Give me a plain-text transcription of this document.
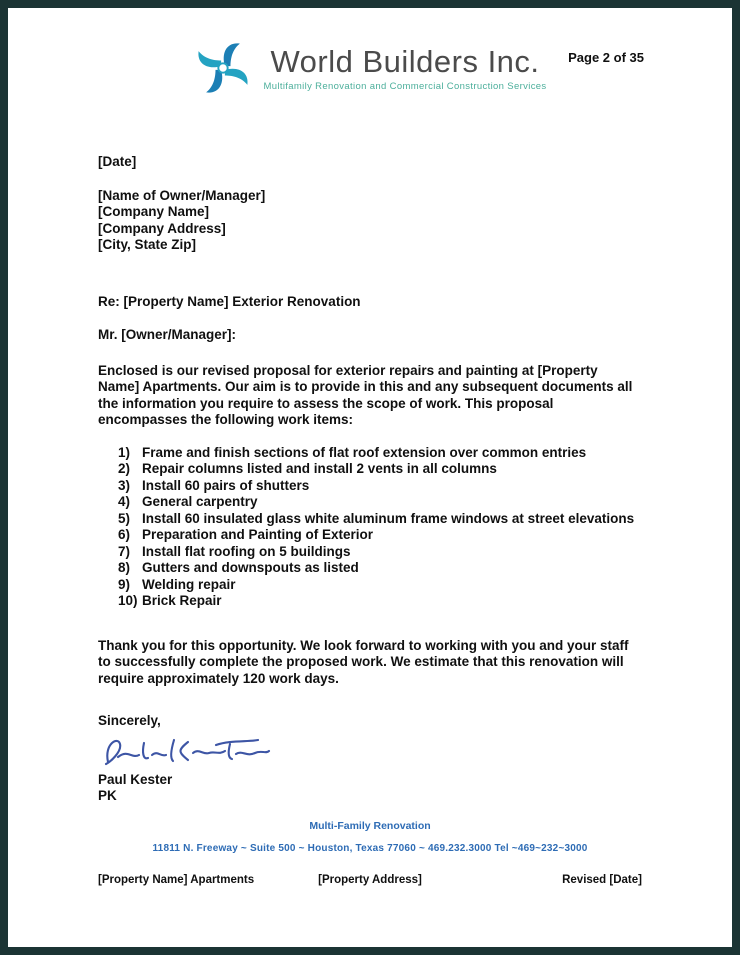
World Builders Inc.
Multifamily Renovation and Commercial Construction Services
Page 2 of 35
[Date]
[Name of Owner/Manager]
[Company Name]
[Company Address]
[City, State Zip]
Re: [Property Name] Exterior Renovation
Mr. [Owner/Manager]:

Enclosed is our revised proposal for exterior repairs and painting at [Property Name] Apartments. Our aim is to provide in this and any subsequent documents all the information you require to assess the scope of work. This proposal encompasses the following work items:

Frame and finish sections of flat roof extension over common entries
Repair columns listed and install 2 vents in all columns
Install 60 pairs of shutters
General carpentry
Install 60 insulated glass white aluminum frame windows at street elevations
Preparation and Painting of Exterior
Install flat roofing on 5 buildings
Gutters and downspouts as listed
Welding repair
Brick Repair

Thank you for this opportunity. We look forward to working with you and your staff to successfully complete the proposed work. We estimate that this renovation will require approximately 120 work days.

Sincerely,
Paul Kester
PK
Multi-Family Renovation
11811 N. Freeway ~ Suite 500 ~ Houston, Texas 77060 ~ 469.232.3000 Tel ~469~232~3000
[Property Name] Apartments	[Property Address]	Revised [Date]
